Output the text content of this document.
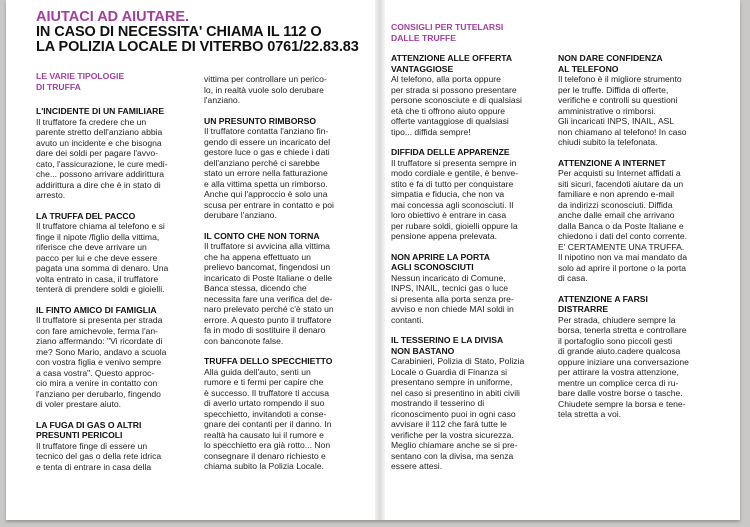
AIUTACI AD AIUTARE.
IN CASO DI NECESSITA' CHIAMA IL 112 O
LA POLIZIA LOCALE DI VITERBO 0761/22.83.83
LE VARIE TIPOLOGIE
DI TRUFFA
CONSIGLI PER TUTELARSI
DALLE TRUFFE
L'INCIDENTE DI UN FAMILIARE
Il truffatore fa credere che un
parente stretto dell'anziano abbia
avuto un incidente e che bisogna
dare dei soldi per pagare l'avvo-
cato, l'assicurazione, le cure medi-
che... possono arrivare addirittura
addirittura a dire che è in stato di
arresto.
LA TRUFFA DEL PACCO
Il truffatore chiama al telefono e si
finge il nipote /figlio della vittima,
riferisce che deve arrivare un
pacco per lui e che deve essere
pagata una somma di denaro. Una
volta entrato in casa, il truffatore
tenterà di prendere soldi e gioielli.
IL FINTO AMICO DI FAMIGLIA
Il truffatore si presenta per strada
con fare amichevole, ferma l'an-
ziano affermando: "Vi ricordate di
me? Sono Mario, andavo a scuola
con vostra figlia e venivo sempre
a casa vostra". Questo approc-
cio mira a venire in contatto con
l'anziano per derubarlo, fingendo
di voler prestare aiuto.
LA FUGA DI GAS O ALTRI
PRESUNTI PERICOLI
Il truffatore finge di essere un
tecnico del gas o della rete idrica
e tenta di entrare in casa della
vittima per controllare un perico-
lo, in realtà vuole solo derubare
l'anziano.
UN PRESUNTO RIMBORSO
Il truffatore contatta l'anziano fin-
gendo di essere un incaricato del
gestore luce o gas e chiede i dati
dell'anziano perché ci sarebbe
stato un errore nella fatturazione
e alla vittima spetta un rimborso.
Anche qui l'approccio è solo una
scusa per entrare in contatto e poi
derubare l'anziano.
IL CONTO CHE NON TORNA
Il truffatore si avvicina alla vittima
che ha appena effettuato un
prelievo bancomat, fingendosi un
incaricato di Poste Italiane o delle
Banca stessa, dicendo che
necessita fare una verifica del de-
naro prelevato perché c'è stato un
errore. A questo punto il truffatore
fa in modo di sostituire il denaro
con banconote false.
TRUFFA DELLO SPECCHIETTO
Alla guida dell'auto, senti un
rumore e ti fermi per capire che
è successo. Il truffatore ti accusa
di averlo urtato rompendo il suo
specchietto, invitandoti a conse-
gnare dei contanti per il danno. In
realtà ha causato lui il rumore e
lo specchietto era già rotto... Non
consegnare il denaro richiesto e
chiama subito la Polizia Locale.
ATTENZIONE ALLE OFFERTA
VANTAGGIOSE
Al telefono, alla porta oppure
per strada si possono presentare
persone sconosciute e di qualsiasi
età che ti offrono aiuto oppure
offerte vantaggiose di qualsiasi
tipo... diffida sempre!
DIFFIDA DELLE APPARENZE
Il truffatore si presenta sempre in
modo cordiale e gentile, è benve-
stito e fa di tutto per conquistare
simpatia e fiducia, che non va
mai concessa agli sconosciuti. Il
loro obiettivo è entrare in casa
per rubare soldi, gioielli oppure la
pensione appena prelevata.
NON APRIRE LA PORTA
AGLI SCONOSCIUTI
Nessun incaricato di Comune,
INPS, INAIL, tecnici gas o luce
si presenta alla porta senza pre-
avviso e non chiede MAI soldi in
contanti.
IL TESSERINO E LA DIVISA
NON BASTANO
Carabinieri, Polizia di Stato, Polizia
Locale o Guardia di Finanza si
presentano sempre in uniforme,
nel caso si presentino in abiti civili
mostrando il tesserino di
riconoscimento puoi in ogni caso
avvisare il 112 che farà tutte le
verifiche per la vostra sicurezza.
Meglio chiamare anche se si pre-
sentano con la divisa, ma senza
essere attesi.
NON DARE CONFIDENZA
AL TELEFONO
Il telefono è il migliore strumento
per le truffe. Diffida di offerte,
verifiche e controlli su questioni
amministrative o rimborsi.
Gli incaricati INPS, INAIL, ASL
non chiamano al telefono! In caso
chiudi subito la telefonata.
ATTENZIONE A INTERNET
Per acquisti su Internet affidati a
siti sicuri, facendoti aiutare da un
familiare e non aprendo e-mail
da indirizzi sconosciuti. Diffida
anche dalle email che arrivano
dalla Banca o da Poste Italiane e
chiedono i dati del conto corrente.
E' CERTAMENTE UNA TRUFFA.
Il nipotino non va mai mandato da
solo ad aprire il portone o la porta
di casa.
ATTENZIONE A FARSI
DISTRARRE
Per strada, chiudere sempre la
borsa, tenerla stretta e controllare
il portafoglio sono piccoli gesti
di grande aiuto.cadere qualcosa
oppure iniziare una conversazione
per attirare la vostra attenzione,
mentre un complice cerca di ru-
bare dalle vostre borse o tasche.
Chiudete sempre la borsa e tene-
tela stretta a voi.
